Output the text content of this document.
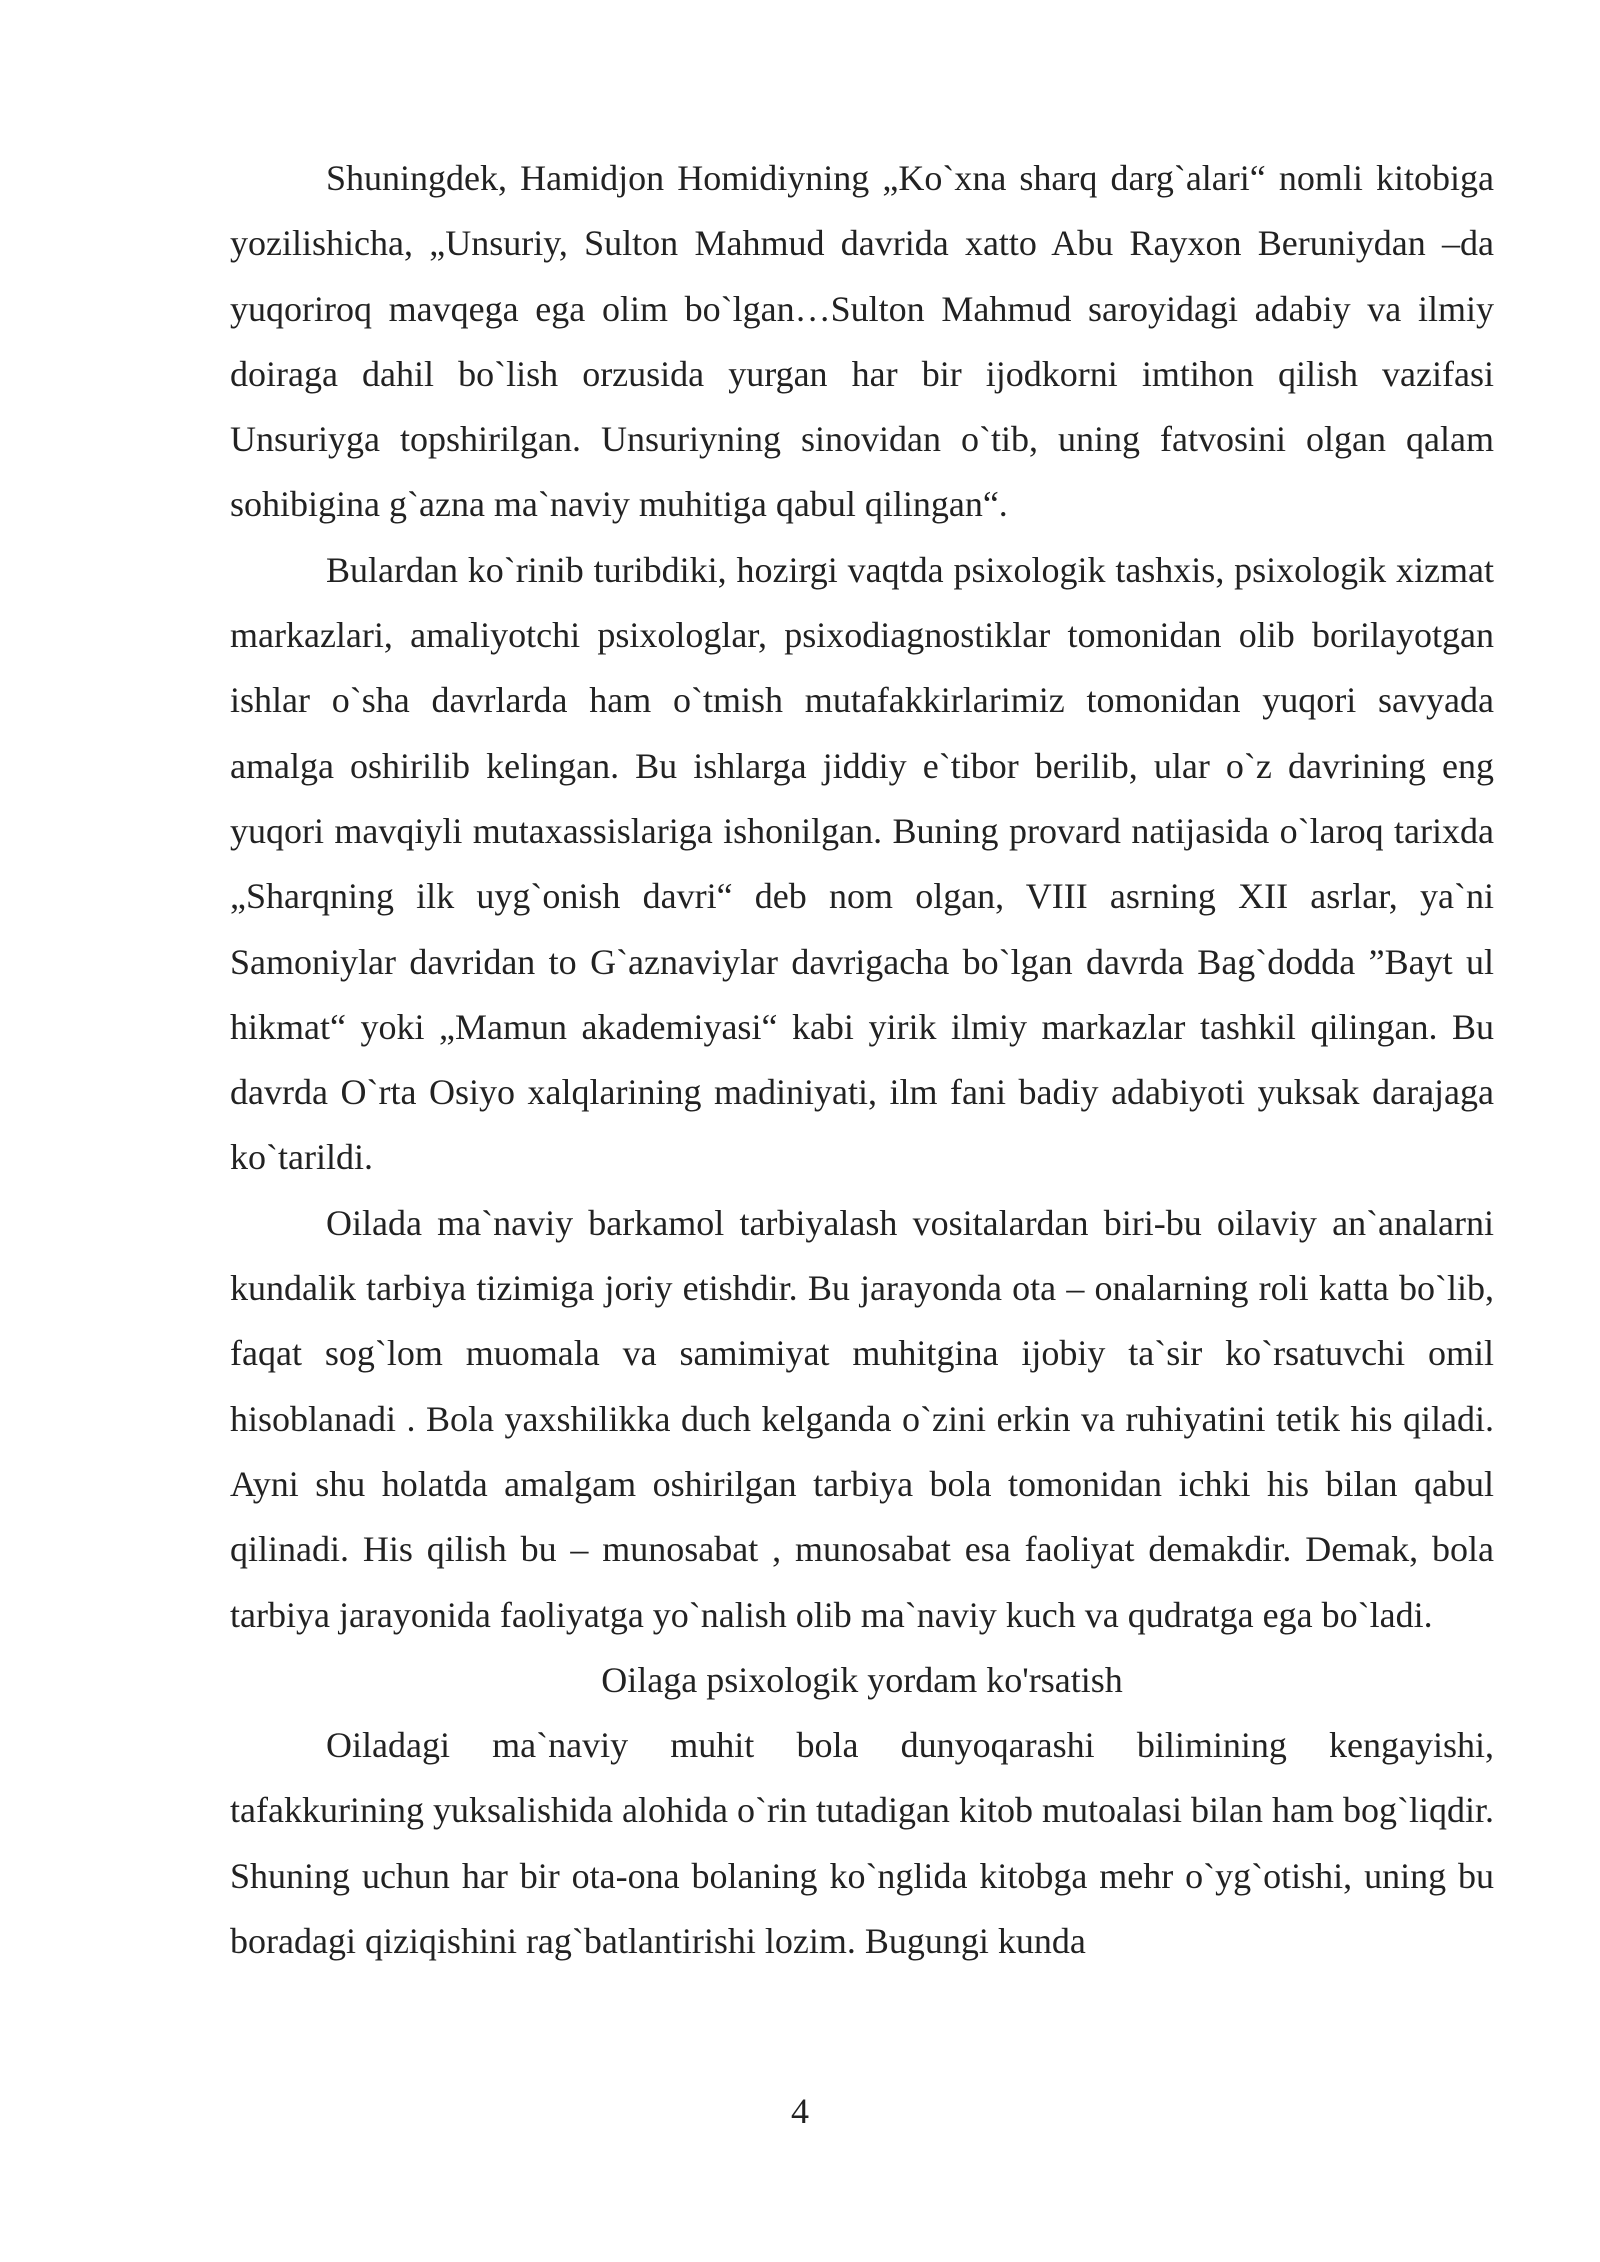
Shuningdek, Hamidjon Homidiyning „Ko`xna sharq darg`alari“ nomli kitobiga yozilishicha, „Unsuriy, Sulton Mahmud davrida xatto Abu Rayxon Beruniydan –da yuqoriroq mavqega ega olim bo`lgan…Sulton Mahmud saroyidagi adabiy va ilmiy doiraga dahil bo`lish orzusida yurgan har bir ijodkorni imtihon qilish vazifasi Unsuriyga topshirilgan. Unsuriyning sinovidan o`tib, uning fatvosini olgan qalam sohibigina g`azna ma`naviy muhitiga qabul qilingan“.

Bulardan ko`rinib turibdiki, hozirgi vaqtda psixologik tashxis, psixologik xizmat markazlari, amaliyotchi psixologlar, psixodiagnostiklar tomonidan olib borilayotgan ishlar o`sha davrlarda ham o`tmish mutafakkirlarimiz tomonidan yuqori savyada amalga oshirilib kelingan. Bu ishlarga jiddiy e`tibor berilib, ular o`z davrining eng yuqori mavqiyli mutaxassislariga ishonilgan. Buning provard natijasida o`laroq tarixda „Sharqning ilk uyg`onish davri“ deb nom olgan, VIII asrning XII asrlar, ya`ni Samoniylar davridan to G`aznaviylar davrigacha bo`lgan davrda Bag`dodda ”Bayt ul hikmat“ yoki „Mamun akademiyasi“ kabi yirik ilmiy markazlar tashkil qilingan. Bu davrda O`rta Osiyo xalqlarining madiniyati, ilm fani badiy adabiyoti yuksak darajaga ko`tarildi.

Oilada ma`naviy barkamol tarbiyalash vositalardan biri-bu oilaviy an`analarni kundalik tarbiya tizimiga joriy etishdir. Bu jarayonda ota – onalarning roli katta bo`lib, faqat sog`lom muomala va samimiyat muhitgina ijobiy ta`sir ko`rsatuvchi omil hisoblanadi . Bola yaxshilikka duch kelganda o`zini erkin va ruhiyatini tetik his qiladi. Ayni shu holatda amalgam oshirilgan tarbiya bola tomonidan ichki his bilan qabul qilinadi. His qilish bu – munosabat , munosabat esa faoliyat demakdir. Demak, bola tarbiya jarayonida faoliyatga yo`nalish olib ma`naviy kuch va qudratga ega bo`ladi.

Oilaga psixologik yordam ko'rsatish

Oiladagi ma`naviy muhit bola dunyoqarashi bilimining kengayishi, tafakkurining yuksalishida alohida o`rin tutadigan kitob mutoalasi bilan ham bog`liqdir. Shuning uchun har bir ota-ona bolaning ko`nglida kitobga mehr o`yg`otishi, uning bu boradagi qiziqishini rag`batlantirishi lozim. Bugungi kunda

4
